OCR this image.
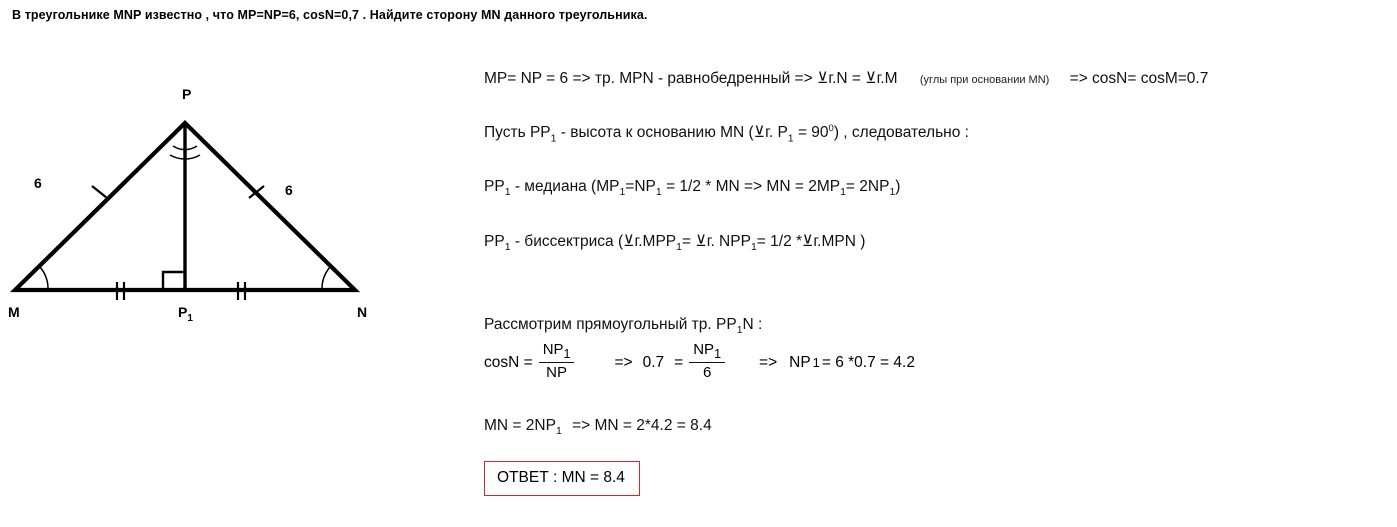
В треугольнике MNP известно , что MP=NP=6, cosN=0,7 . Найдите сторону MN данного треугольника.
P
M	N
$P_1$
6	6
MP= NP = 6 => тр. MPN - равнобедренный => ⊻г.N = ⊻г.M (углы при основании MN) => cosN= cosM=0.7
Пусть $PP_1$ - высота к основанию MN (⊻г. $P_1 = 90^0$) , следовательно :
$PP_1$ - медиана ($MP_1=NP_1 = 1/2$ * MN => MN = $2MP_1= 2NP_1$)
$PP_1$ - биссектриса ($⊻г.MPP_1=$ ⊻г. $NPP_1= 1/2$ *⊻г.MPN )
Рассмотрим прямоугольный тр. $PP_1N$ :
$\cos N = \frac{NP_1}{NP}$	=> $0.7 = \frac{NP_1}{6}$	=> NP 1 = 6 *0.7 = 4.2
MN = $2NP_1$ => MN = 2*4.2 = 8.4
ОТВЕТ : MN = 8.4
